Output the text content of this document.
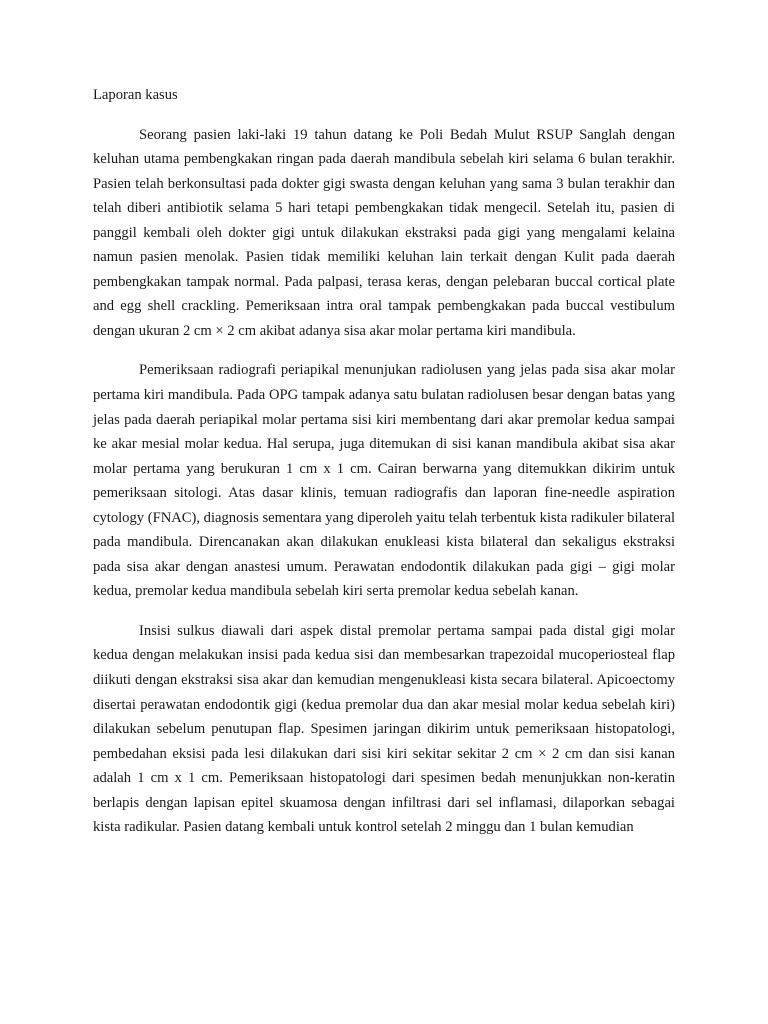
Laporan kasus

Seorang pasien laki-laki 19 tahun datang ke Poli Bedah Mulut RSUP Sanglah dengan keluhan utama pembengkakan ringan pada daerah mandibula sebelah kiri selama 6 bulan terakhir. Pasien telah berkonsultasi pada dokter gigi swasta dengan keluhan yang sama 3 bulan terakhir dan telah diberi antibiotik selama 5 hari tetapi pembengkakan tidak mengecil. Setelah itu, pasien di panggil kembali oleh dokter gigi untuk dilakukan ekstraksi pada gigi yang mengalami kelaina namun pasien menolak. Pasien tidak memiliki keluhan lain terkait dengan Kulit pada daerah pembengkakan tampak normal. Pada palpasi, terasa keras, dengan pelebaran buccal cortical plate and egg shell crackling. Pemeriksaan intra oral tampak pembengkakan pada buccal vestibulum dengan ukuran 2 cm × 2 cm akibat adanya sisa akar molar pertama kiri mandibula.

Pemeriksaan radiografi periapikal menunjukan radiolusen yang jelas pada sisa akar molar pertama kiri mandibula. Pada OPG tampak adanya satu bulatan radiolusen besar dengan batas yang jelas pada daerah periapikal molar pertama sisi kiri membentang dari akar premolar kedua sampai ke akar mesial molar kedua. Hal serupa, juga ditemukan di sisi kanan mandibula akibat sisa akar molar pertama yang berukuran 1 cm x 1 cm. Cairan berwarna yang ditemukkan dikirim untuk pemeriksaan sitologi. Atas dasar klinis, temuan radiografis dan laporan fine-needle aspiration cytology (FNAC), diagnosis sementara yang diperoleh yaitu telah terbentuk kista radikuler bilateral pada mandibula. Direncanakan akan dilakukan enukleasi kista bilateral dan sekaligus ekstraksi pada sisa akar dengan anastesi umum. Perawatan endodontik dilakukan pada gigi – gigi molar kedua, premolar kedua mandibula sebelah kiri serta premolar kedua sebelah kanan.

Insisi sulkus diawali dari aspek distal premolar pertama sampai pada distal gigi molar kedua dengan melakukan insisi pada kedua sisi dan membesarkan trapezoidal mucoperiosteal flap diikuti dengan ekstraksi sisa akar dan kemudian mengenukleasi kista secara bilateral. Apicoectomy disertai perawatan endodontik gigi (kedua premolar dua dan akar mesial molar kedua sebelah kiri) dilakukan sebelum penutupan flap. Spesimen jaringan dikirim untuk pemeriksaan histopatologi, pembedahan eksisi pada lesi dilakukan dari sisi kiri sekitar sekitar 2 cm × 2 cm dan sisi kanan adalah 1 cm x 1 cm. Pemeriksaan histopatologi dari spesimen bedah menunjukkan non-keratin berlapis dengan lapisan epitel skuamosa dengan infiltrasi dari sel inflamasi, dilaporkan sebagai kista radikular. Pasien datang kembali untuk kontrol setelah 2 minggu dan 1 bulan kemudian
